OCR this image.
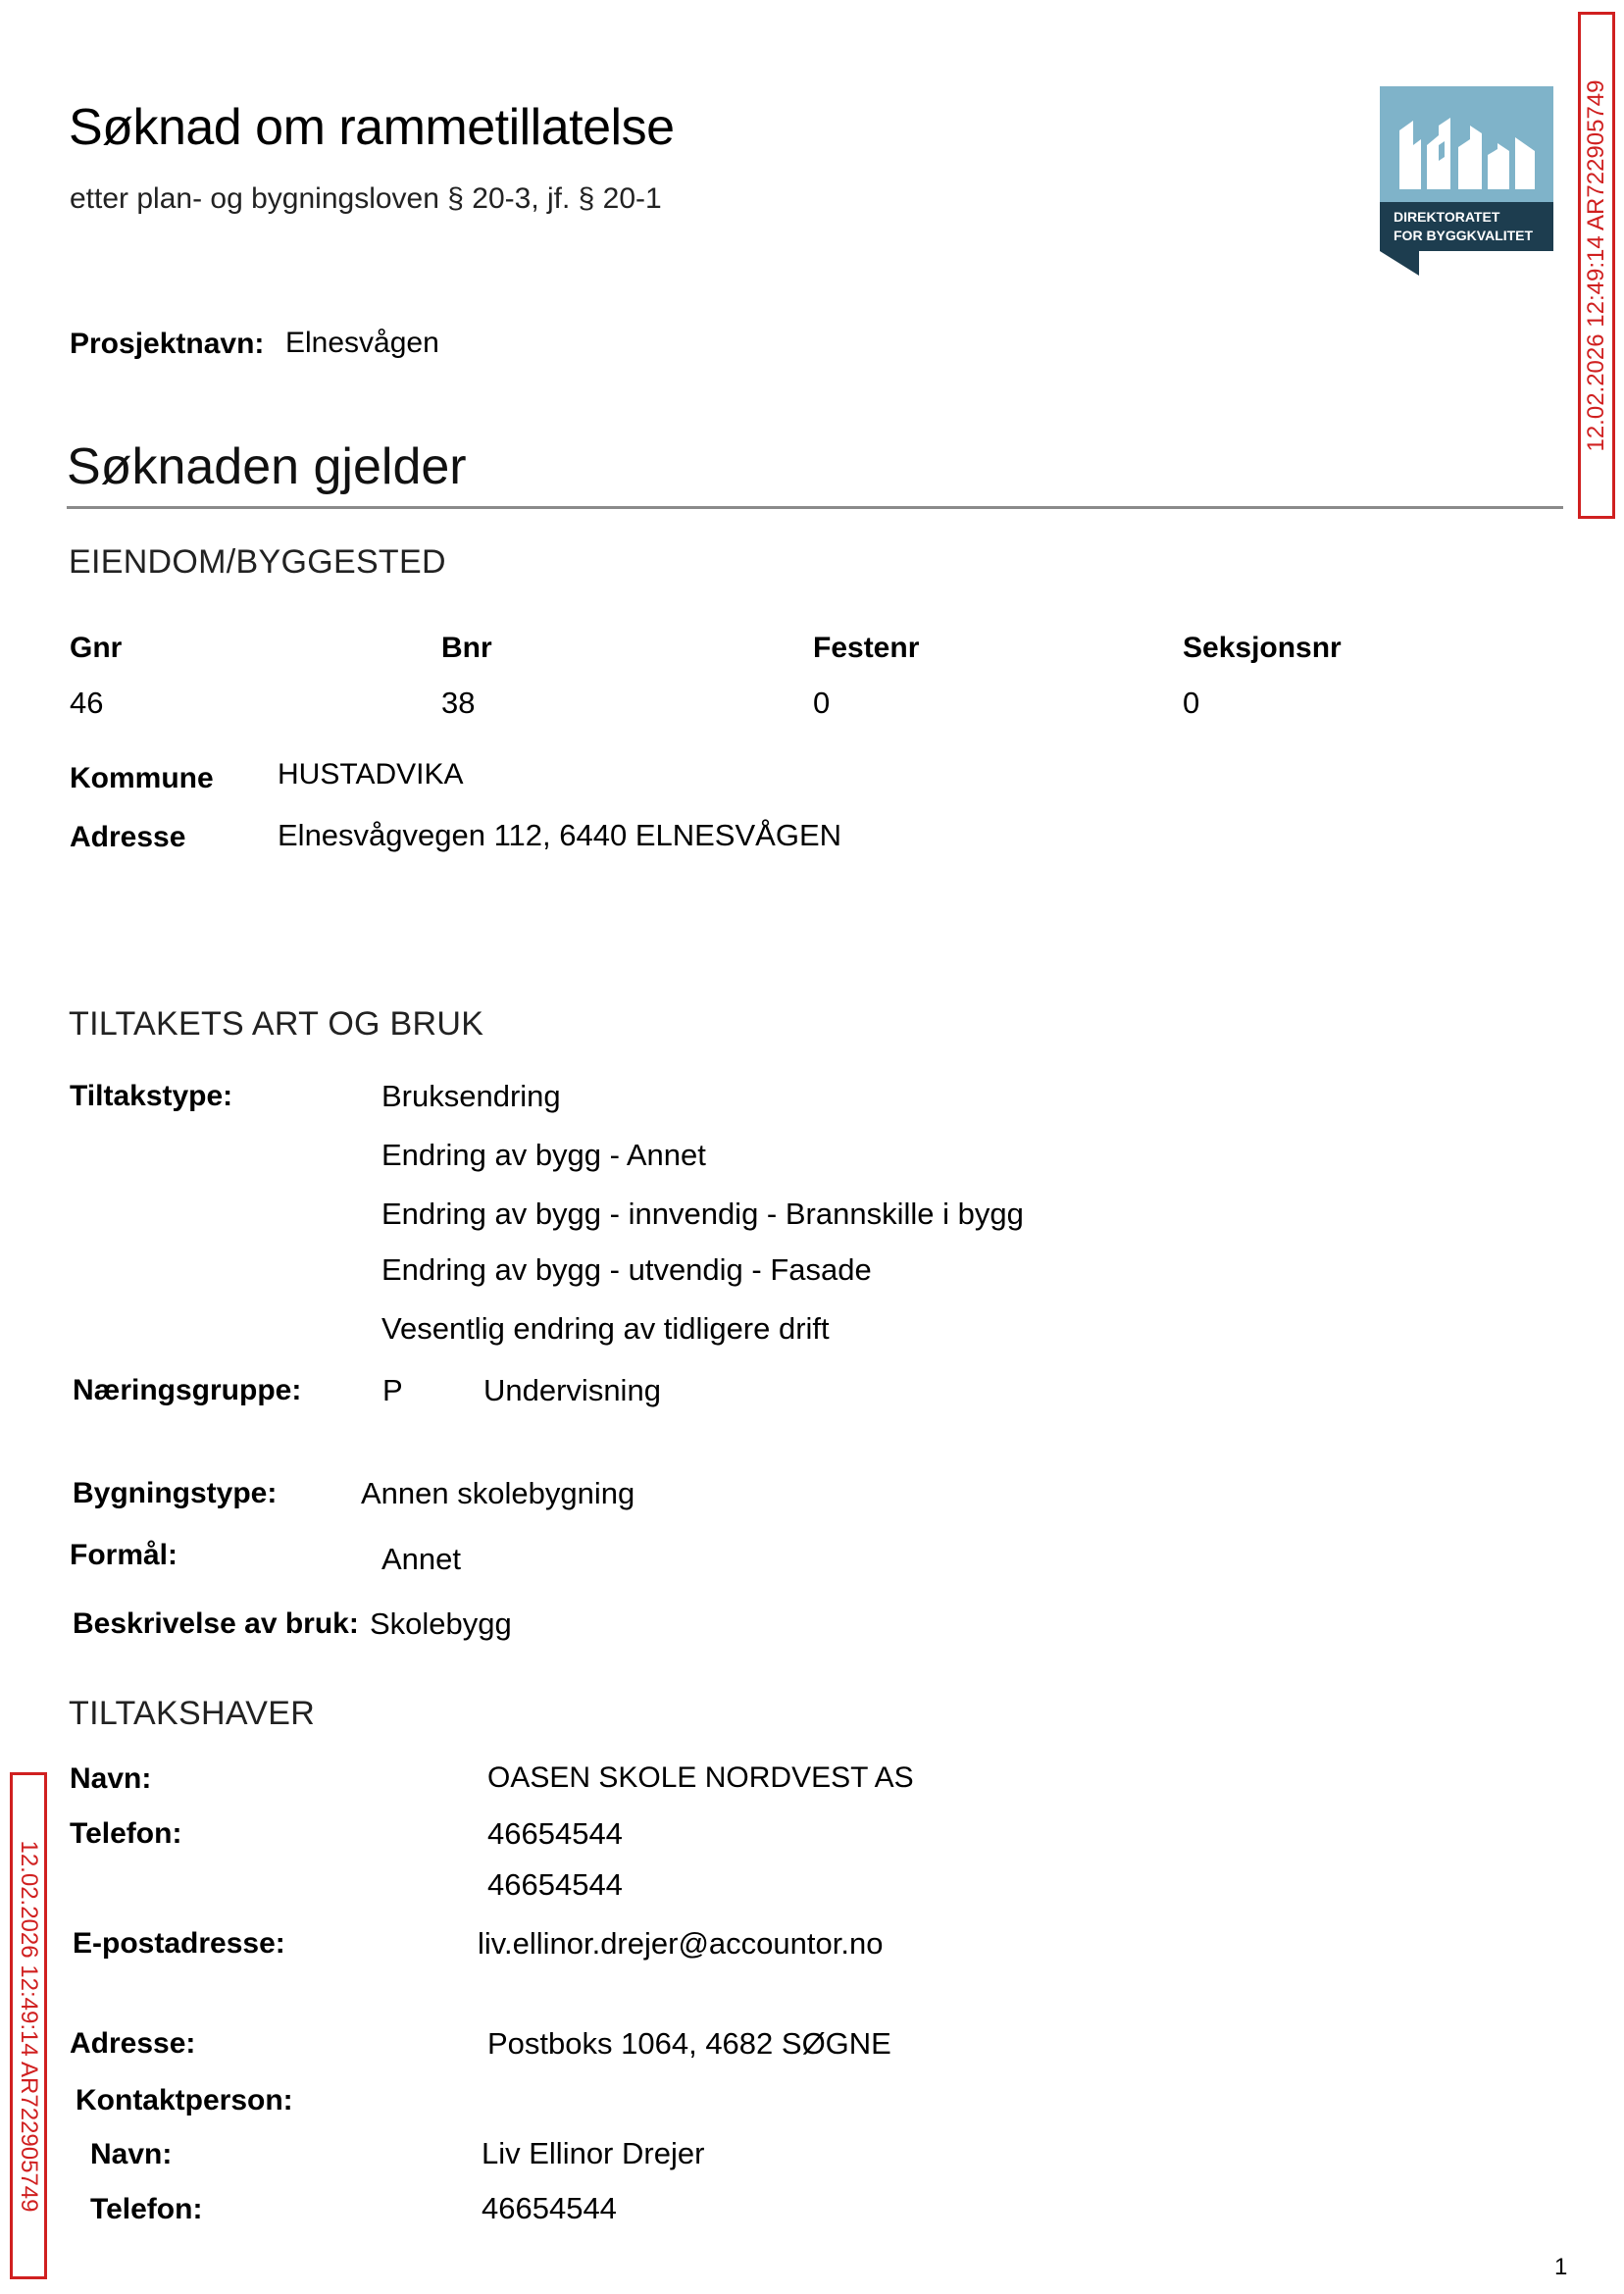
Søknad om rammetillatelse
etter plan- og bygningsloven § 20-3, jf. § 20-1
DIREKTORATET
FOR BYGGKVALITET 12.02.2026 12:49:14 AR722905749
12.02.2026 12:49:14 AR722905749
Prosjektnavn: Elnesvågen
Søknaden gjelder
EIENDOM/BYGGESTED
Gnr	Bnr	Festenr	Seksjonsnr
46	38	0	0
Kommune HUSTADVIKA
Adresse	Elnesvågvegen 112, 6440 ELNESVÅGEN
TILTAKETS ART OG BRUK
Tiltakstype:	Bruksendring
Endring av bygg - Annet
Endring av bygg - innvendig - Brannskille i bygg
Endring av bygg - utvendig - Fasade
Vesentlig endring av tidligere drift
Næringsgruppe:	P	Undervisning
Bygningstype:	Annen skolebygning
Formål:	Annet
Beskrivelse av bruk: Skolebygg
TILTAKSHAVER
Navn:	OASEN SKOLE NORDVEST AS
Telefon:	46654544
46654544
E-postadresse:	liv.ellinor.drejer@accountor.no
Adresse:	Postboks 1064, 4682 SØGNE
Kontaktperson:
Navn:	Liv Ellinor Drejer
Telefon:	46654544
1
